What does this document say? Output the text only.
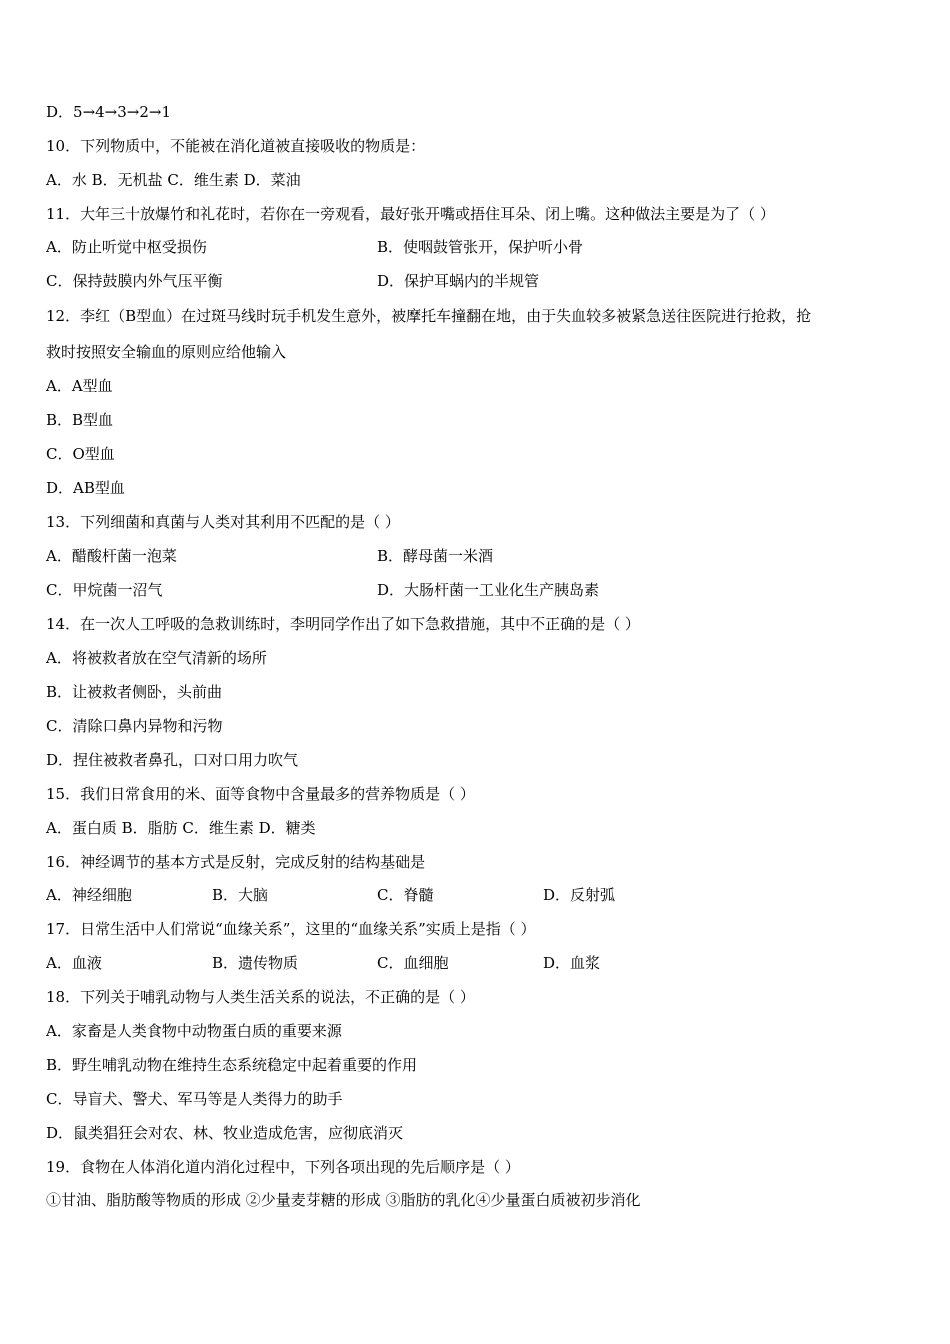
D．5→4→3→2→1
10．下列物质中，不能被在消化道被直接吸收的物质是：
A．水 B．无机盐 C．维生素 D．菜油
11．大年三十放爆竹和礼花时，若你在一旁观看，最好张开嘴或捂住耳朵、闭上嘴。这种做法主要是为了（ ）
A．防止听觉中枢受损伤	B．使咽鼓管张开，保护听小骨
C．保持鼓膜内外气压平衡	D．保护耳蜗内的半规管
12．李红（B型血）在过斑马线时玩手机发生意外，被摩托车撞翻在地，由于失血较多被紧急送往医院进行抢救，抢
救时按照安全输血的原则应给他输入
A．A型血
B．B型血
C．O型血
D．AB型血
13．下列细菌和真菌与人类对其利用不匹配的是（ ）
A．醋酸杆菌一泡菜	B．酵母菌一米酒
C．甲烷菌一沼气	D．大肠杆菌一工业化生产胰岛素
14．在一次人工呼吸的急救训练时，李明同学作出了如下急救措施，其中不正确的是（ ）
A．将被救者放在空气清新的场所
B．让被救者侧卧，头前曲
C．清除口鼻内异物和污物
D．捏住被救者鼻孔，口对口用力吹气
15．我们日常食用的米、面等食物中含量最多的营养物质是（ ）
A．蛋白质 B．脂肪 C．维生素 D．糖类
16．神经调节的基本方式是反射，完成反射的结构基础是
A．神经细胞	B．大脑	C．脊髓	D．反射弧
17．日常生活中人们常说“血缘关系”，这里的“血缘关系”实质上是指（ ）
A．血液	B．遗传物质	C．血细胞	D．血浆
18．下列关于哺乳动物与人类生活关系的说法，不正确的是（ ）
A．家畜是人类食物中动物蛋白质的重要来源
B．野生哺乳动物在维持生态系统稳定中起着重要的作用
C．导盲犬、警犬、军马等是人类得力的助手
D．鼠类猖狂会对农、林、牧业造成危害，应彻底消灭
19．食物在人体消化道内消化过程中，下列各项出现的先后顺序是（ ）
①甘油、脂肪酸等物质的形成 ②少量麦芽糖的形成 ③脂肪的乳化④少量蛋白质被初步消化
